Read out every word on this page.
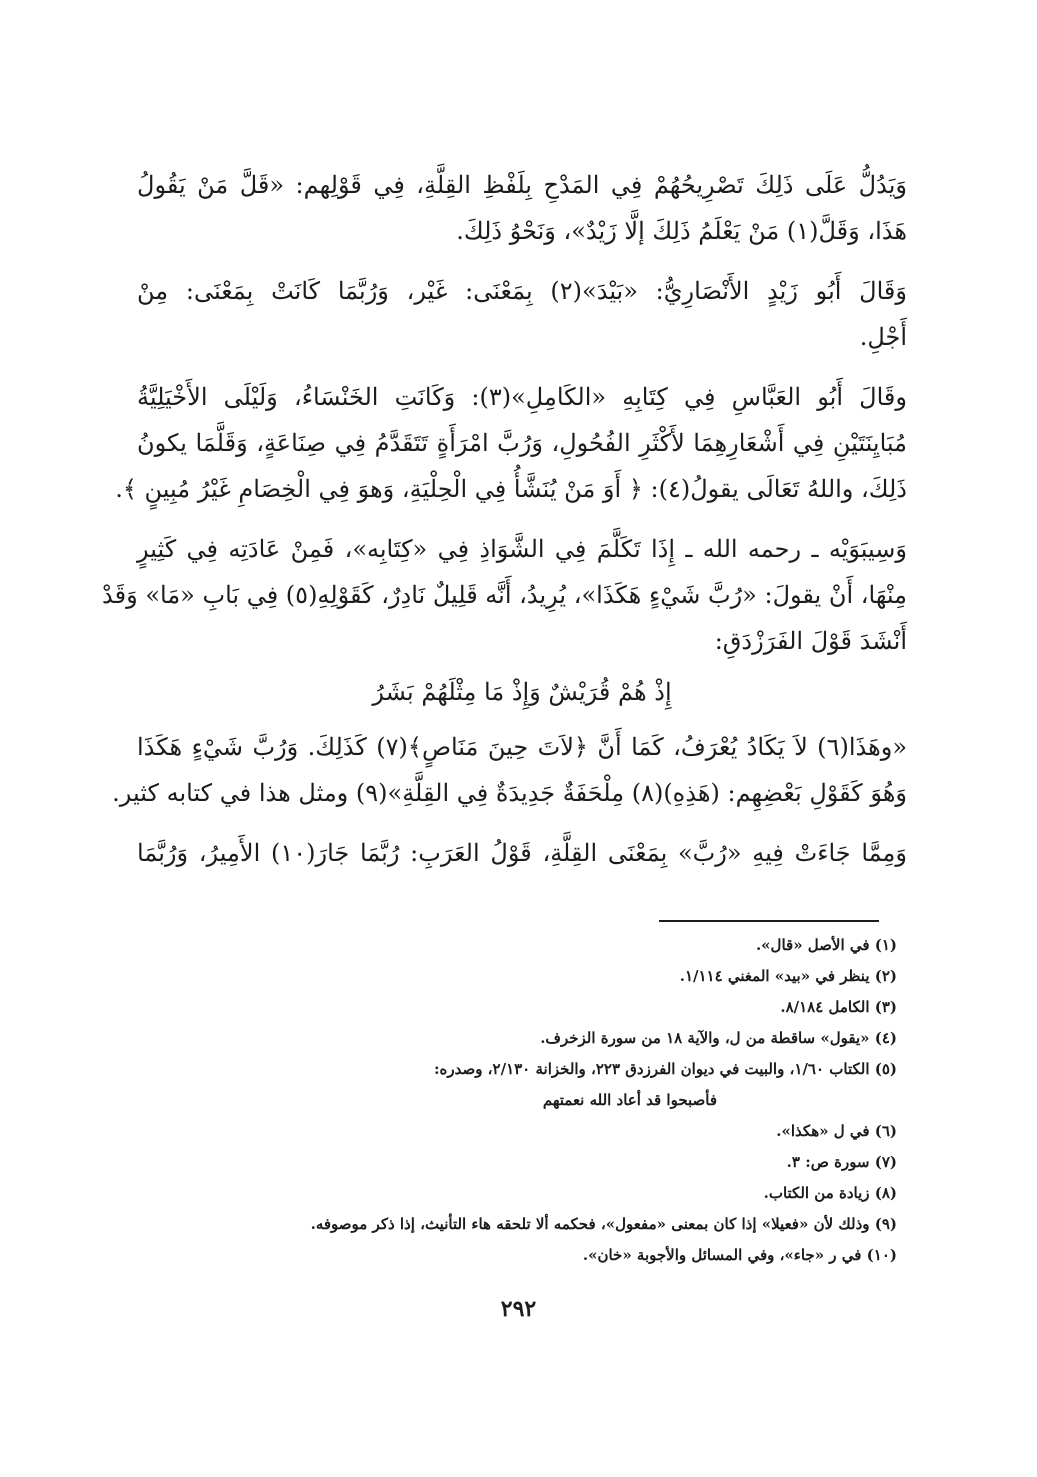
وَيَدُلُّ عَلَى ذَلِكَ تَصْرِيحُهُمْ فِي المَدْحِ بِلَفْظِ القِلَّةِ، فِي قَوْلِهم: «قَلَّ مَنْ يَقُولُ
هَذَا، وَقَلَّ(١) مَنْ يَعْلَمُ ذَلِكَ إلَّا زَيْدٌ»، وَنَحْوُ ذَلِكَ.
وَقَالَ أَبُو زَيْدٍ الأَنْصَارِيُّ: «بَيْدَ»(٢) بِمَعْنَى: غَيْر، وَرُبَّمَا كَانَتْ بِمَعْنَى: مِنْ
أَجْلِ.
وقَالَ أَبُو العَبَّاسِ فِي كِتَابِهِ «الكَامِلِ»(٣): وَكَانَتِ الخَنْسَاءُ، وَلَيْلَى الأَخْيَلِيَّةُ
مُبَايِنَتَيْنِ فِي أَشْعَارِهِمَا لأَكْثَرِ الفُحُولِ، وَرُبَّ امْرَأَةٍ تَتَقَدَّمُ فِي صِنَاعَةٍ، وَقَلَّمَا يكونُ
ذَلِكَ، واللهُ تَعَالَى يقولُ(٤): ﴿ أَوَ مَنْ يُنَشَّأُ فِي الْحِلْيَةِ، وَهوَ فِي الْخِصَامِ غَيْرُ مُبِينٍ ﴾.
وَسِيبَوَيْه ـ رحمه الله ـ إِذَا تَكَلَّمَ فِي الشَّوَاذِ فِي «كِتَابِه»، فَمِنْ عَادَتِه فِي كَثِيرٍ
مِنْهَا، أَنْ يقولَ: «رُبَّ شَيْءٍ هَكَذَا»، يُرِيدُ، أَنَّه قَلِيلٌ نَادِرٌ، كَقَوْلِهِ(٥) فِي بَابِ «مَا» وَقَدْ
أَنْشَدَ قَوْلَ الفَرَزْدَقِ:
إِذْ هُمْ قُرَيْشٌ وَإِذْ مَا مِثْلَهُمْ بَشَرُ
«وهَذَا(٦) لاَ يَكَادُ يُعْرَفُ، كَمَا أَنَّ ﴿لاَتَ حِينَ مَنَاصٍ﴾(٧) كَذَلِكَ. وَرُبَّ شَيْءٍ هَكَذَا
وَهُوَ كَقَوْلِ بَعْضِهِم: (هَذِهِ)(٨) مِلْحَفَةٌ جَدِيدَةٌ فِي القِلَّةِ»(٩) ومثل هذا في كتابه كثير.
وَمِمَّا جَاءَتْ فِيهِ «رُبَّ» بِمَعْنَى القِلَّةِ، قَوْلُ العَرَبِ: رُبَّمَا جَارَ(١٠) الأَمِيرُ، وَرُبَّمَا
(١) في الأصل «قال».
(٢) ينظر في «بيد» المغني ١/١١٤.
(٣) الكامل ٨/١٨٤.
(٤) «يقول» ساقطة من ل، والآية ١٨ من سورة الزخرف.
(٥) الكتاب ١/٦٠، والبيت في ديوان الفرزدق ٢٢٣، والخزانة ٢/١٣٠، وصدره:
فأصبحوا قد أعاد الله نعمتهم
(٦) في ل «هكذا».
(٧) سورة ص: ٣.
(٨) زيادة من الكتاب.
(٩) وذلك لأن «فعيلا» إذا كان بمعنى «مفعول»، فحكمه ألا تلحقه هاء التأنيث، إذا ذكر موصوفه.
(١٠) في ر «جاء»، وفي المسائل والأجوبة «خان».
٢٩٢
